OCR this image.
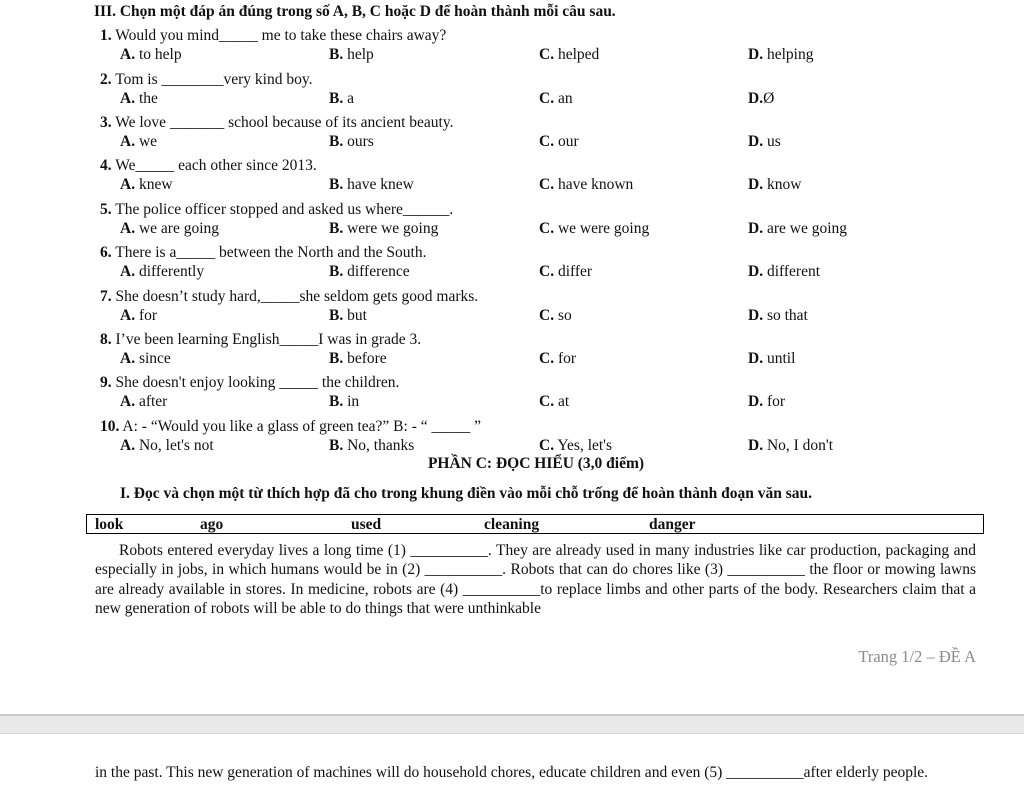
III. Chọn một đáp án đúng trong số A, B, C hoặc D để hoàn thành mỗi câu sau.
1. Would you mind_____ me to take these chairs away?
A. to help	B. help	C. helped	D. helping
2. Tom is ________very kind boy.
A. the	B. a	C. an	D.Ø
3. We love _______ school because of its ancient beauty.
A. we	B. ours	C. our	D. us
4. We_____ each other since 2013.
A. knew	B. have knew	C. have known	D. know
5. The police officer stopped and asked us where______.
A. we are going	B. were we going	C. we were going	D. are we going
6. There is a_____ between the North and the South.
A. differently	B. difference	C. differ	D. different
7. She doesn’t study hard,_____she seldom gets good marks.
A. for	B. but	C. so	D. so that
8. I’ve been learning English_____I was in grade 3.
A. since	B. before	C. for	D. until
9. She doesn't enjoy looking _____ the children.
A. after	B. in	C. at	D. for
10. A: - “Would you like a glass of green tea?” B: - “ _____ ”
A. No, let's not	B. No, thanks	C. Yes, let's	D. No, I don't
PHẦN C: ĐỌC HIỂU (3,0 điểm)
I. Đọc và chọn một từ thích hợp đã cho trong khung điền vào mỗi chỗ trống để hoàn thành đoạn văn sau.
look	ago	used	cleaning	danger

Robots entered everyday lives a long time (1) __________. They are already used in many industries like car production, packaging and especially in jobs, in which humans would be in (2) __________. Robots that can do chores like (3) __________ the floor or mowing lawns are already available in stores. In medicine, robots are (4) __________to replace limbs and other parts of the body. Researchers claim that a new generation of robots will be able to do things that were unthinkable

Trang 1/2 – ĐỀ A
in the past. This new generation of machines will do household chores, educate children and even (5) __________after elderly people.
